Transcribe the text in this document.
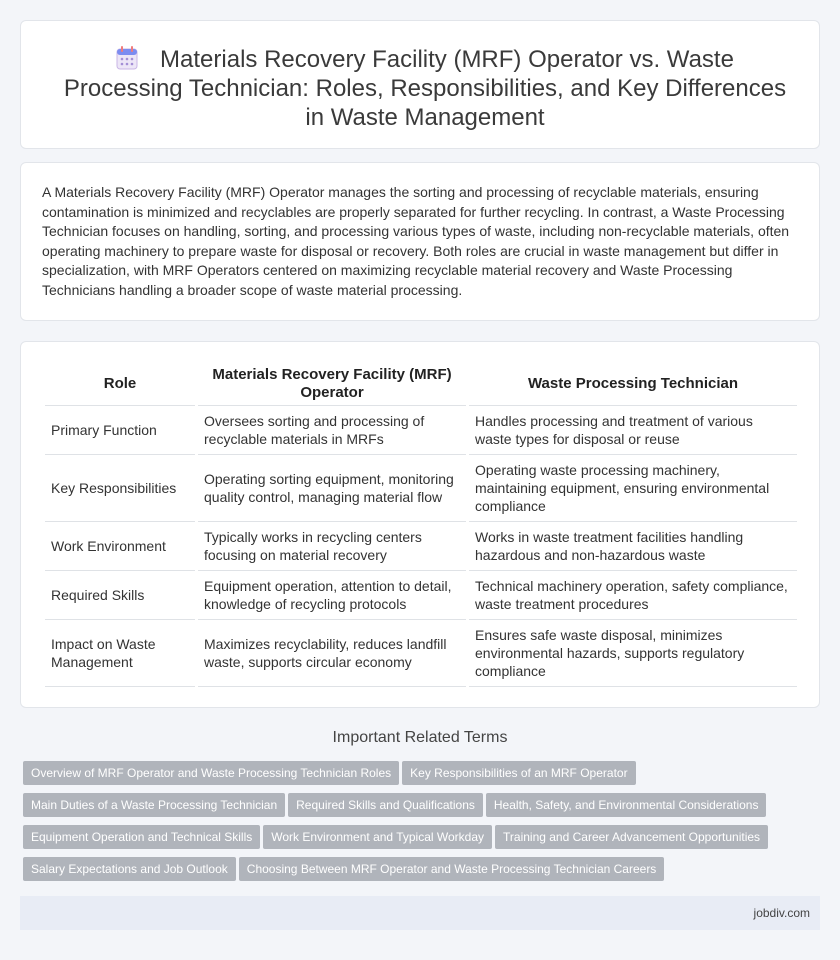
Materials Recovery Facility (MRF) Operator vs. Waste Processing Technician: Roles, Responsibilities, and Key Differences in Waste Management

A Materials Recovery Facility (MRF) Operator manages the sorting and processing of recyclable materials, ensuring contamination is minimized and recyclables are properly separated for further recycling. In contrast, a Waste Processing Technician focuses on handling, sorting, and processing various types of waste, including non-recyclable materials, often operating machinery to prepare waste for disposal or recovery. Both roles are crucial in waste management but differ in specialization, with MRF Operators centered on maximizing recyclable material recovery and Waste Processing Technicians handling a broader scope of waste material processing.

Role	Materials Recovery Facility (MRF) Operator	Waste Processing Technician
Primary Function	Oversees sorting and processing of recyclable materials in MRFs	Handles processing and treatment of various waste types for disposal or reuse
Key Responsibilities	Operating sorting equipment, monitoring quality control, managing material flow	Operating waste processing machinery, maintaining equipment, ensuring environmental compliance
Work Environment	Typically works in recycling centers focusing on material recovery	Works in waste treatment facilities handling hazardous and non-hazardous waste
Required Skills	Equipment operation, attention to detail, knowledge of recycling protocols	Technical machinery operation, safety compliance, waste treatment procedures
Impact on Waste Management	Maximizes recyclability, reduces landfill waste, supports circular economy	Ensures safe waste disposal, minimizes environmental hazards, supports regulatory compliance
Important Related Terms
Overview of MRF Operator and Waste Processing Technician Roles Key Responsibilities of an MRF Operator
Main Duties of a Waste Processing Technician Required Skills and Qualifications Health, Safety, and Environmental Considerations
Equipment Operation and Technical Skills Work Environment and Typical Workday Training and Career Advancement Opportunities
Salary Expectations and Job Outlook Choosing Between MRF Operator and Waste Processing Technician Careers
jobdiv.com
